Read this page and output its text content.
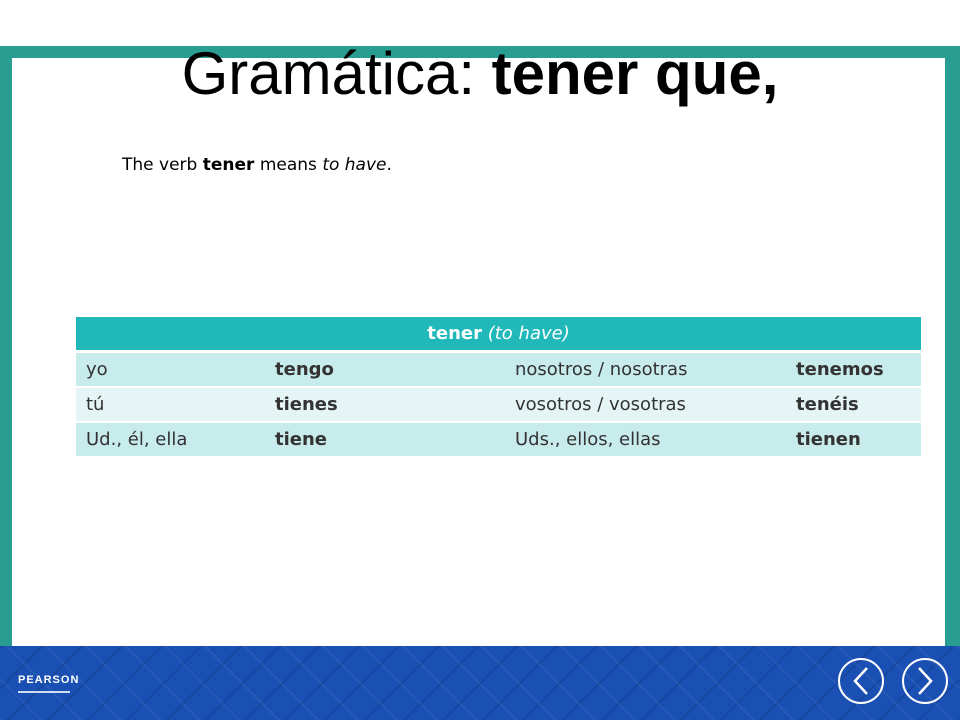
Gramática: tener que,
The verb tener means to have.
tener (to have)			
yo	tengo	nosotros / nosotras	tenemos
tú	tienes	vosotros / vosotras	tenéis
Ud., él, ella	tiene	Uds., ellos, ellas	tienen
PEARSON
